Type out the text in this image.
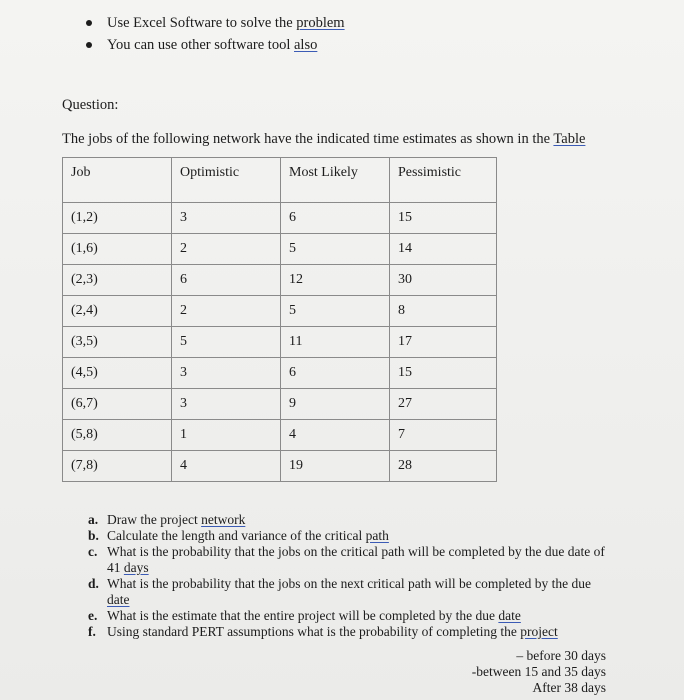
Use Excel Software to solve the problem
You can use other software tool also
Question:
The jobs of the following network have the indicated time estimates as shown in the Table
Job	Optimistic	Most Likely	Pessimistic
(1,2)	3	6	15
(1,6)	2	5	14
(2,3)	6	12	30
(2,4)	2	5	8
(3,5)	5	11	17
(4,5)	3	6	15
(6,7)	3	9	27
(5,8)	1	4	7
(7,8)	4	19	28
a. Draw the project network
b. Calculate the length and variance of the critical path
c. What is the probability that the jobs on the critical path will be completed by the due date of 41 days
d. What is the probability that the jobs on the next critical path will be completed by the due date
e. What is the estimate that the entire project will be completed by the due date
f. Using standard PERT assumptions what is the probability of completing the project
– before 30 days
-between 15 and 35 days
After 38 days
